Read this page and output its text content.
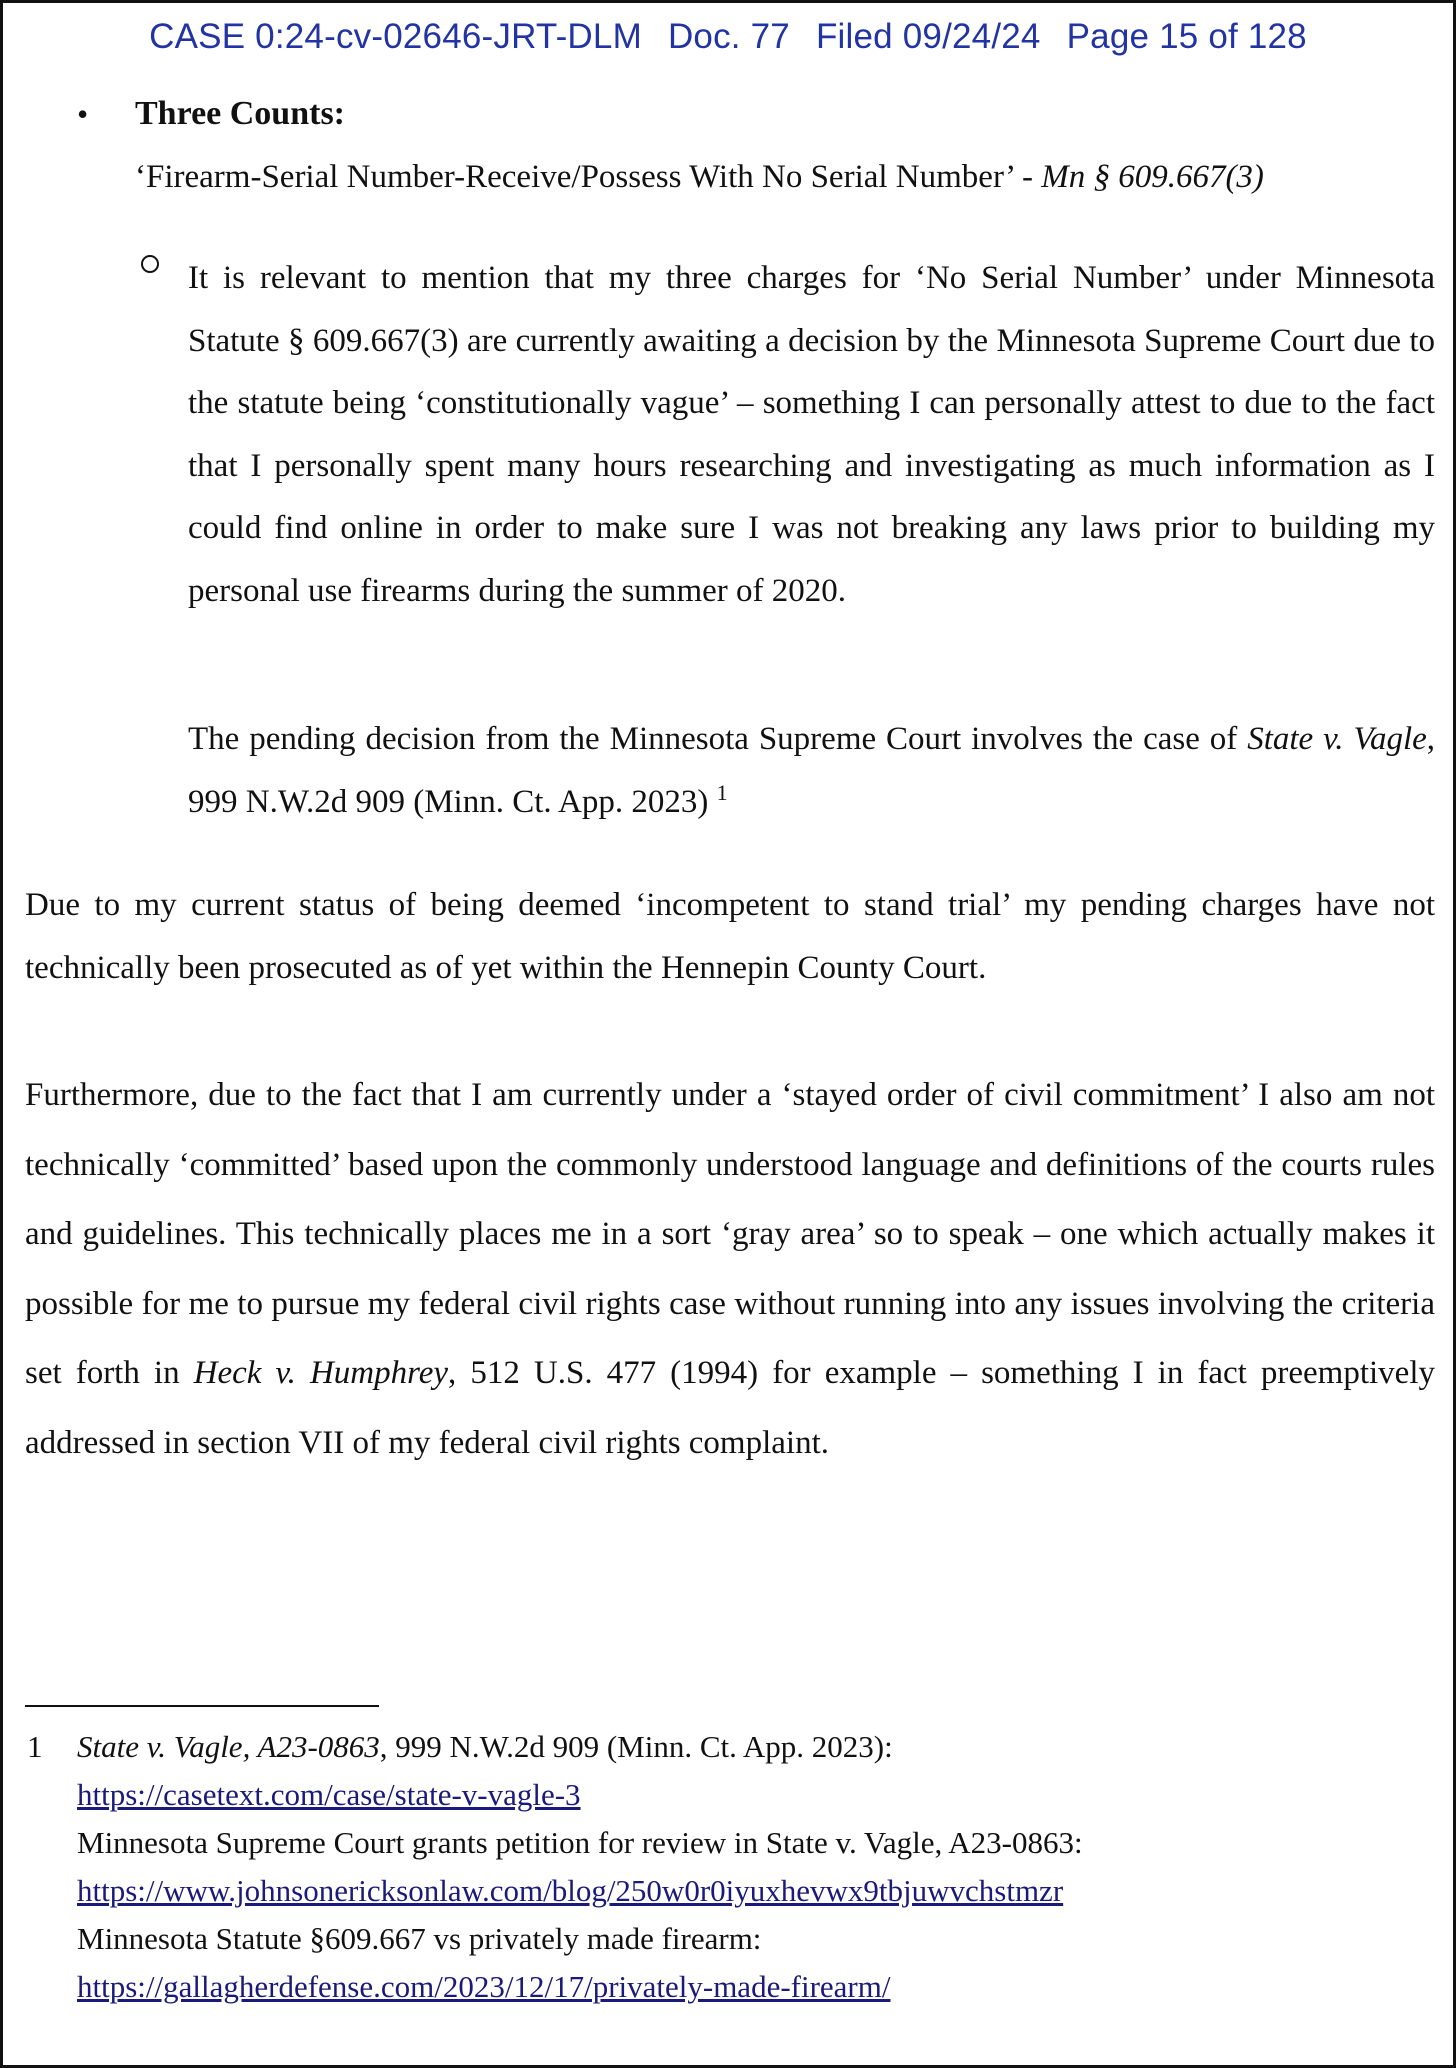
CASE 0:24-cv-02646-JRT-DLM Doc. 77 Filed 09/24/24 Page 15 of 128
• Three Counts:
‘Firearm-Serial Number-Receive/Possess With No Serial Number’ - Mn § 609.667(3)

It is relevant to mention that my three charges for ‘No Serial Number’ under Minnesota Statute § 609.667(3) are currently awaiting a decision by the Minnesota Supreme Court due to the statute being ‘constitutionally vague’ – something I can personally attest to due to the fact that I personally spent many hours researching and investigating as much information as I could find online in order to make sure I was not breaking any laws prior to building my personal use firearms during the summer of 2020.

The pending decision from the Minnesota Supreme Court involves the case of State v. Vagle, 999 N.W.2d 909 (Minn. Ct. App. 2023) $^1$

Due to my current status of being deemed ‘incompetent to stand trial’ my pending charges have not technically been prosecuted as of yet within the Hennepin County Court.

Furthermore, due to the fact that I am currently under a ‘stayed order of civil commitment’ I also am not technically ‘committed’ based upon the commonly understood language and definitions of the courts rules and guidelines. This technically places me in a sort ‘gray area’ so to speak – one which actually makes it possible for me to pursue my federal civil rights case without running into any issues involving the criteria set forth in Heck v. Humphrey, 512 U.S. 477 (1994) for example – something I in fact preemptively addressed in section VII of my federal civil rights complaint.

1 State v. Vagle, A23-0863, 999 N.W.2d 909 (Minn. Ct. App. 2023):
https://casetext.com/case/state-v-vagle-3
Minnesota Supreme Court grants petition for review in State v. Vagle, A23-0863:
https://www.johnsonericksonlaw.com/blog/250w0r0iyuxhevwx9tbjuwvchstmzr
Minnesota Statute §609.667 vs privately made firearm:
https://gallagherdefense.com/2023/12/17/privately-made-firearm/
